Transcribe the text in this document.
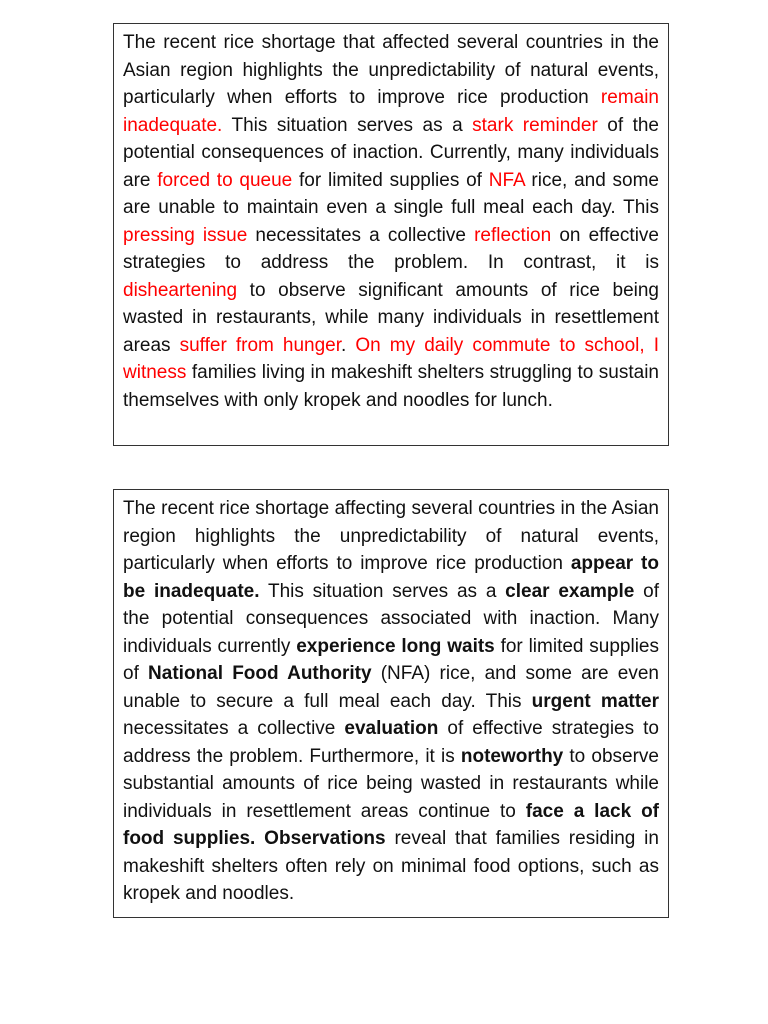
The recent rice shortage that affected several countries in the Asian region highlights the unpredictability of natural events, particularly when efforts to improve rice production remain inadequate. This situation serves as a stark reminder of the potential consequences of inaction. Currently, many individuals are forced to queue for limited supplies of NFA rice, and some are unable to maintain even a single full meal each day. This pressing issue necessitates a collective reflection on effective strategies to address the problem. In contrast, it is disheartening to observe significant amounts of rice being wasted in restaurants, while many individuals in resettlement areas suffer from hunger. On my daily commute to school, I witness families living in makeshift shelters struggling to sustain themselves with only kropek and noodles for lunch.

The recent rice shortage affecting several countries in the Asian region highlights the unpredictability of natural events, particularly when efforts to improve rice production appear to be inadequate. This situation serves as a clear example of the potential consequences associated with inaction. Many individuals currently experience long waits for limited supplies of National Food Authority (NFA) rice, and some are even unable to secure a full meal each day. This urgent matter necessitates a collective evaluation of effective strategies to address the problem. Furthermore, it is noteworthy to observe substantial amounts of rice being wasted in restaurants while individuals in resettlement areas continue to face a lack of food supplies. Observations reveal that families residing in makeshift shelters often rely on minimal food options, such as kropek and noodles.
